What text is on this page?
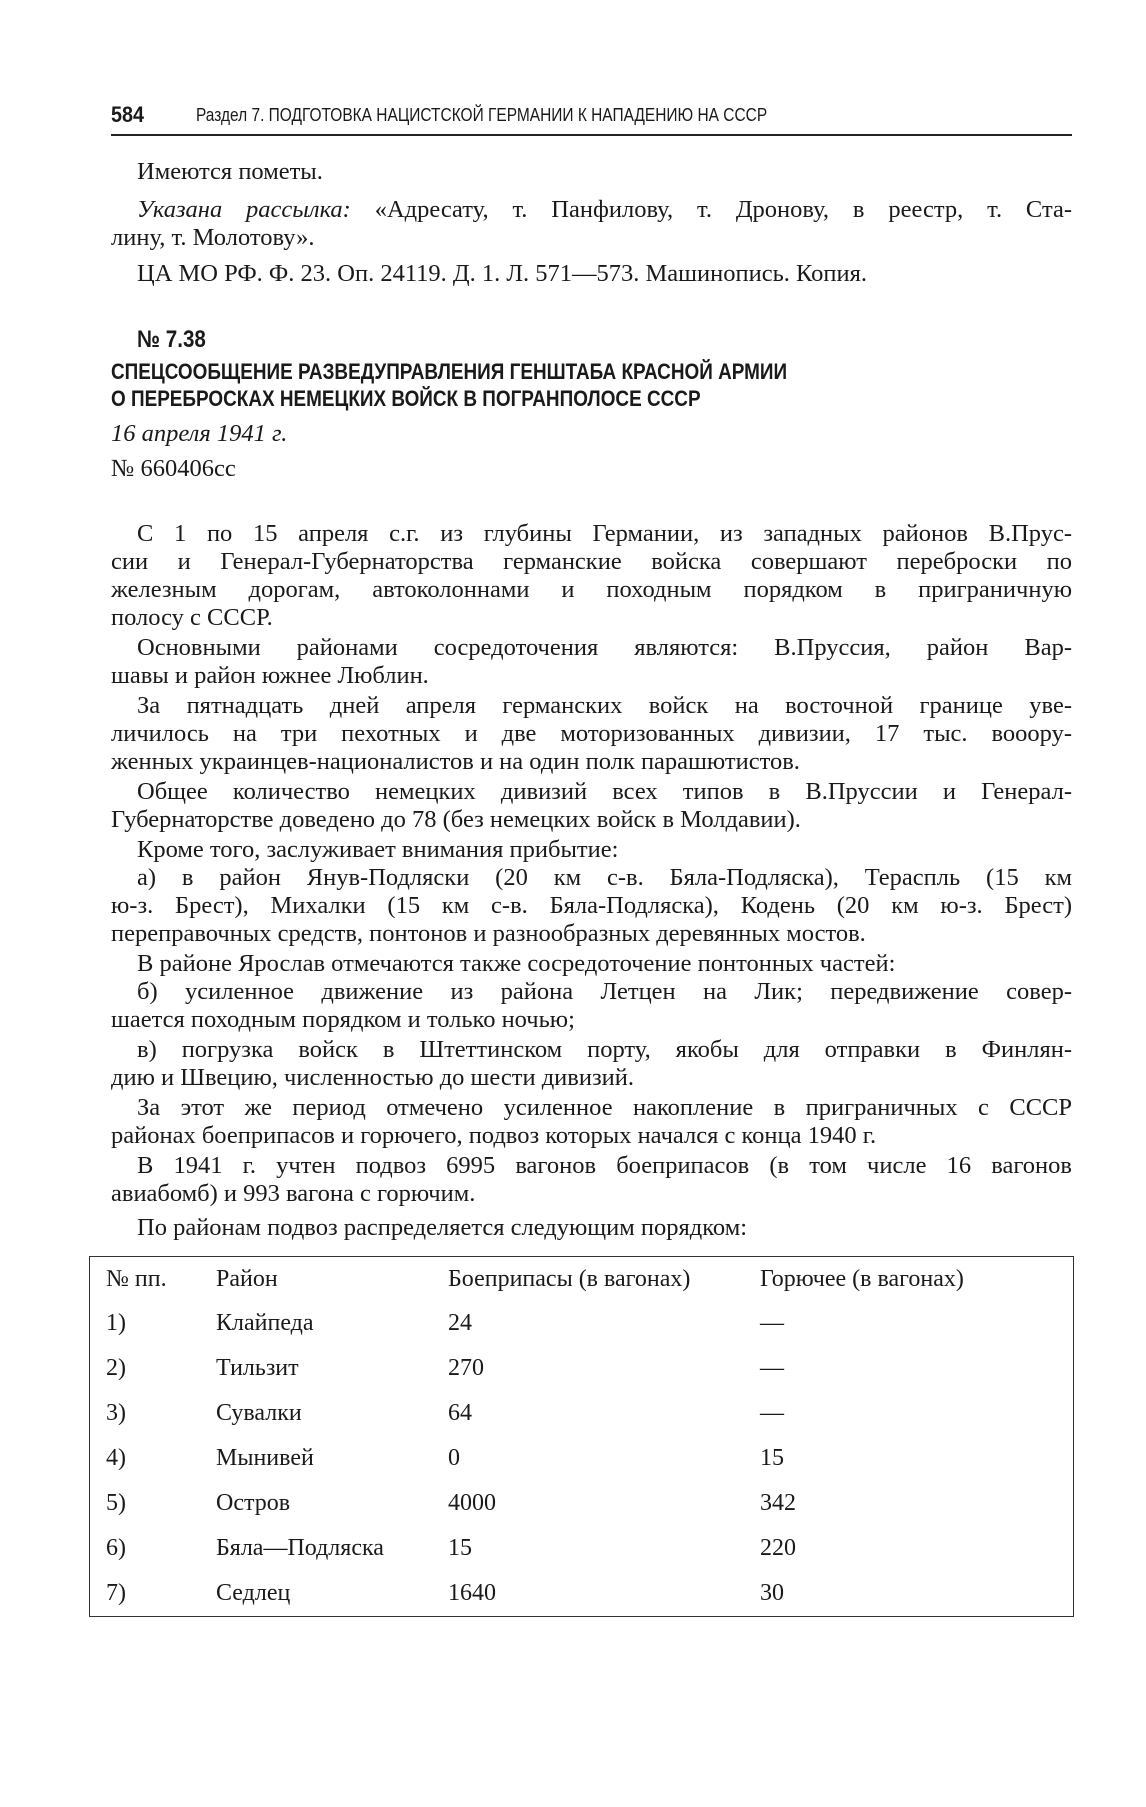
584	Раздел 7. ПОДГОТОВКА НАЦИСТСКОЙ ГЕРМАНИИ К НАПАДЕНИЮ НА СССР
Имеются пометы.
Указана рассылка: «Адресату, т. Панфилову, т. Дронову, в реестр, т. Ста-
лину, т. Молотову».
ЦА МО РФ. Ф. 23. Оп. 24119. Д. 1. Л. 571—573. Машинопись. Копия.
№ 7.38
СПЕЦСООБЩЕНИЕ РАЗВЕДУПРАВЛЕНИЯ ГЕНШТАБА КРАСНОЙ АРМИИ
О ПЕРЕБРОСКАХ НЕМЕЦКИХ ВОЙСК В ПОГРАНПОЛОСЕ СССР
16 апреля 1941 г.
№ 660406сс
С 1 по 15 апреля с.г. из глубины Германии, из западных районов В.Прус-
сии и Генерал-Губернаторства германские войска совершают переброски по
железным дорогам, автоколоннами и походным порядком в приграничную
полосу с СССР.
Основными районами сосредоточения являются: В.Пруссия, район Вар-
шавы и район южнее Люблин.
За пятнадцать дней апреля германских войск на восточной границе уве-
личилось на три пехотных и две моторизованных дивизии, 17 тыс. вооору-
женных украинцев-националистов и на один полк парашютистов.
Общее количество немецких дивизий всех типов в В.Пруссии и Генерал-
Губернаторстве доведено до 78 (без немецких войск в Молдавии).
Кроме того, заслуживает внимания прибытие:
а) в район Янув-Подляски (20 км с-в. Бяла-Подляска), Тераспль (15 км
ю-з. Брест), Михалки (15 км с-в. Бяла-Подляска), Кодень (20 км ю-з. Брест)
переправочных средств, понтонов и разнообразных деревянных мостов.
В районе Ярослав отмечаются также сосредоточение понтонных частей:
б) усиленное движение из района Летцен на Лик; передвижение совер-
шается походным порядком и только ночью;
в) погрузка войск в Штеттинском порту, якобы для отправки в Финлян-
дию и Швецию, численностью до шести дивизий.
За этот же период отмечено усиленное накопление в приграничных с СССР
районах боеприпасов и горючего, подвоз которых начался с конца 1940 г.
В 1941 г. учтен подвоз 6995 вагонов боеприпасов (в том числе 16 вагонов
авиабомб) и 993 вагона с горючим.
По районам подвоз распределяется следующим порядком:
№ пп.	Район	Боеприпасы (в вагонах)	Горючее (в вагонах)
1)	Клайпеда	24	—
2)	Тильзит	270	—
3)	Сувалки	64	—
4)	Мынивей	0	15
5)	Остров	4000	342
6)	Бяла—Подляска	15	220
7)	Седлец	1640	30
